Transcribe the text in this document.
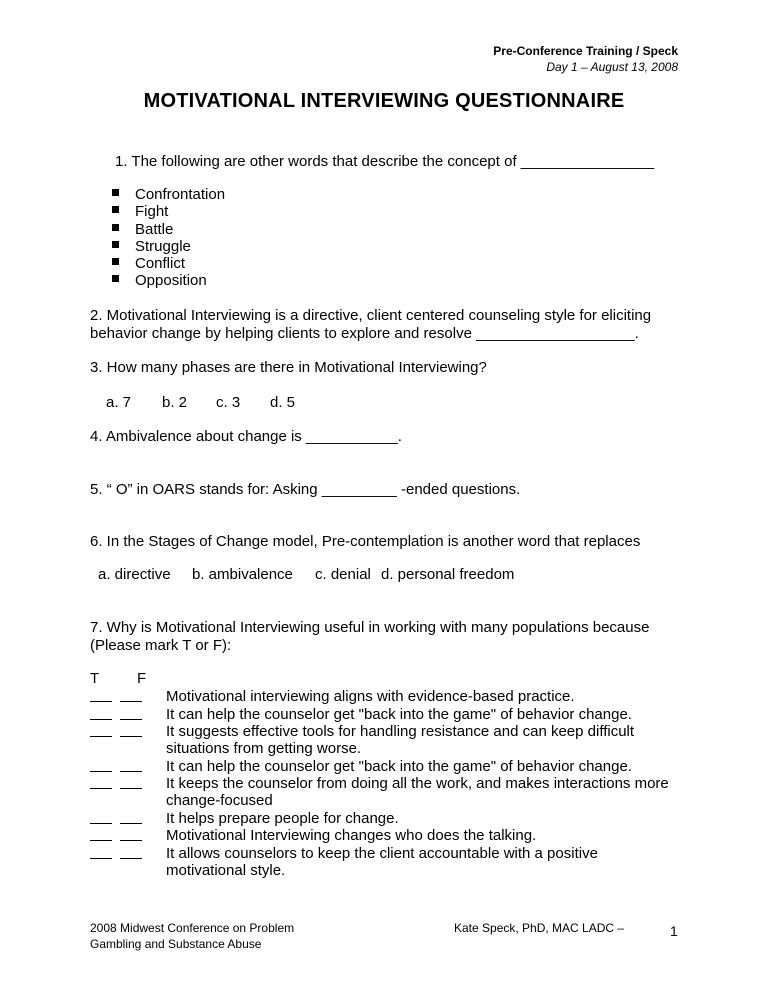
Pre-Conference Training / Speck
Day 1 – August 13, 2008
MOTIVATIONAL INTERVIEWING QUESTIONNAIRE
1. The following are other words that describe the concept of ________________
Confrontation
Fight
Battle
Struggle
Conflict
Opposition
2. Motivational Interviewing is a directive, client centered counseling style for eliciting
behavior change by helping clients to explore and resolve ___________________.
3. How many phases are there in Motivational Interviewing?
a. 7 b. 2 c. 3 d. 5
4. Ambivalence about change is ___________.
5. “ O” in OARS stands for: Asking _________ -ended questions.
6. In the Stages of Change model, Pre-contemplation is another word that replaces
a. directive b. ambivalence c. denial d. personal freedom
7. Why is Motivational Interviewing useful in working with many populations because
(Please mark T or F):
T	F
Motivational interviewing aligns with evidence-based practice.
It can help the counselor get "back into the game" of behavior change.
It suggests effective tools for handling resistance and can keep difficult
situations from getting worse.
It can help the counselor get "back into the game" of behavior change.
It keeps the counselor from doing all the work, and makes interactions more
change-focused
It helps prepare people for change.
Motivational Interviewing changes who does the talking.
It allows counselors to keep the client accountable with a positive
motivational style.
2008 Midwest Conference on Problem
Gambling and Substance Abuse
Kate Speck, PhD, MAC LADC –	1
